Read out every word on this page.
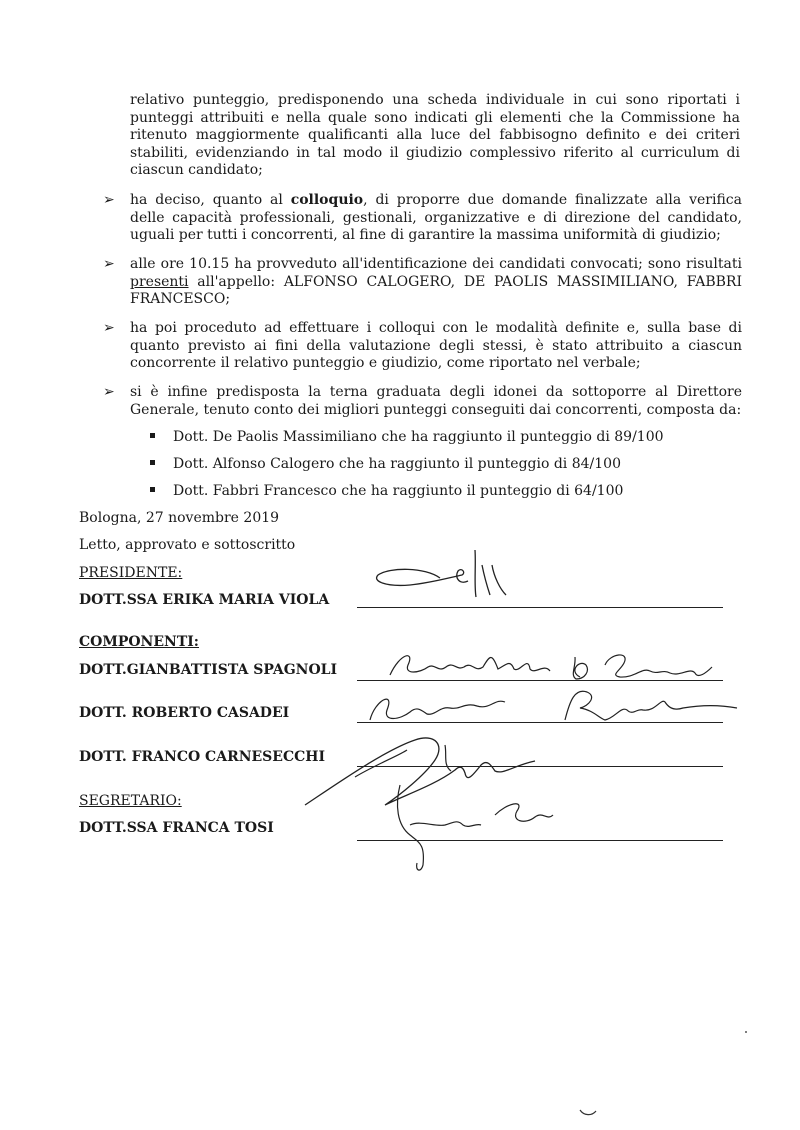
relativo punteggio, predisponendo una scheda individuale in cui sono riportati i punteggi attribuiti e nella quale sono indicati gli elementi che la Commissione ha ritenuto maggiormente qualificanti alla luce del fabbisogno definito e dei criteri stabiliti, evidenziando in tal modo il giudizio complessivo riferito al curriculum di ciascun candidato;
➢ ha deciso, quanto al colloquio, di proporre due domande finalizzate alla verifica delle capacità professionali, gestionali, organizzative e di direzione del candidato, uguali per tutti i concorrenti, al fine di garantire la massima uniformità di giudizio;
➢ alle ore 10.15 ha provveduto all'identificazione dei candidati convocati; sono risultati presenti all'appello: ALFONSO CALOGERO, DE PAOLIS MASSIMILIANO, FABBRI FRANCESCO;
➢ ha poi proceduto ad effettuare i colloqui con le modalità definite e, sulla base di quanto previsto ai fini della valutazione degli stessi, è stato attribuito a ciascun concorrente il relativo punteggio e giudizio, come riportato nel verbale;
➢ si è infine predisposta la terna graduata degli idonei da sottoporre al Direttore Generale, tenuto conto dei migliori punteggi conseguiti dai concorrenti, composta da:
Dott. De Paolis Massimiliano che ha raggiunto il punteggio di 89/100
Dott. Alfonso Calogero che ha raggiunto il punteggio di 84/100
Dott. Fabbri Francesco che ha raggiunto il punteggio di 64/100
Bologna, 27 novembre 2019
Letto, approvato e sottoscritto
PRESIDENTE:
DOTT.SSA ERIKA MARIA VIOLA
COMPONENTI:
DOTT.GIANBATTISTA SPAGNOLI
DOTT. ROBERTO CASADEI
DOTT. FRANCO CARNESECCHI
SEGRETARIO:
DOTT.SSA FRANCA TOSI
